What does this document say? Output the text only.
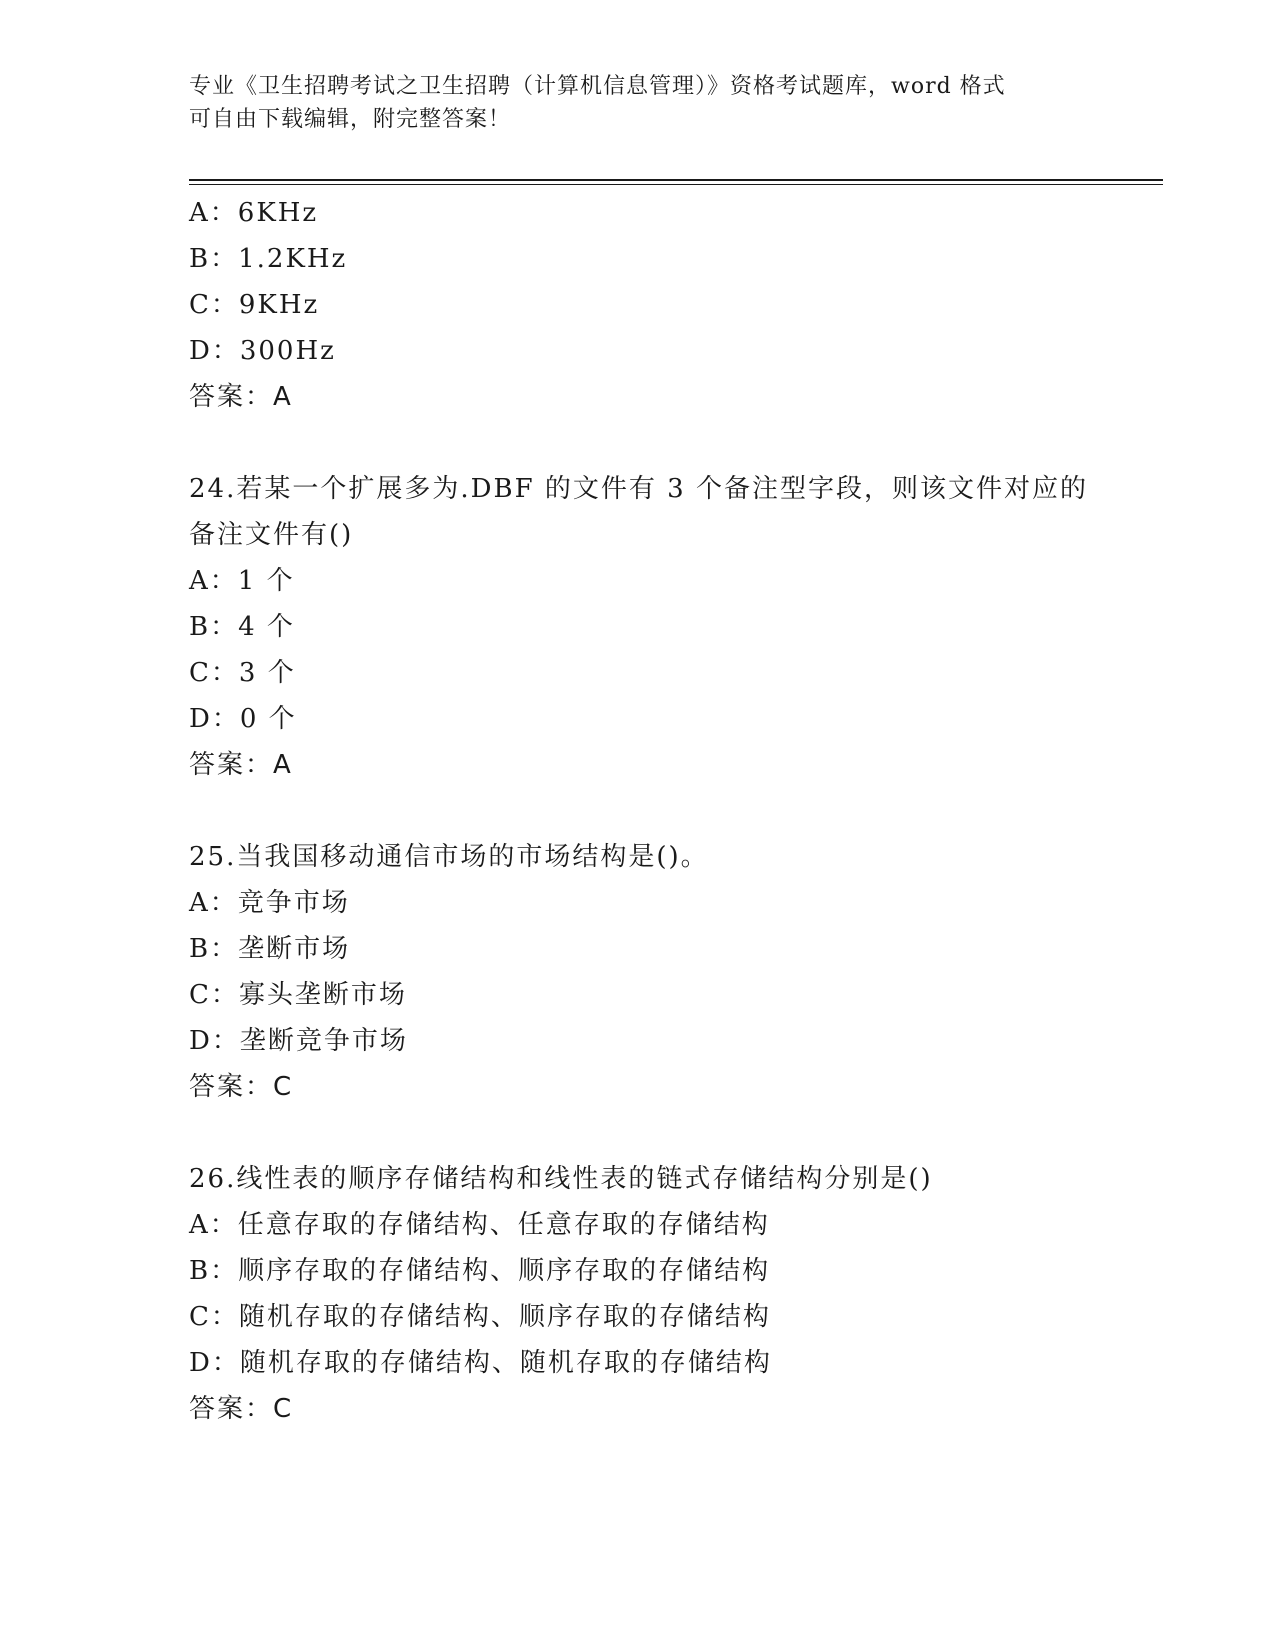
专业《卫生招聘考试之卫生招聘（计算机信息管理）》资格考试题库，word 格式
可自由下载编辑，附完整答案！
A：6KHz
B：1.2KHz
C：9KHz
D：300Hz
答案：A
24.若某一个扩展多为.DBF 的文件有 3 个备注型字段，则该文件对应的
备注文件有()
A：1 个
B：4 个
C：3 个
D：0 个
答案：A
25.当我国移动通信市场的市场结构是()。
A：竞争市场
B：垄断市场
C：寡头垄断市场
D：垄断竞争市场
答案：C
26.线性表的顺序存储结构和线性表的链式存储结构分别是()
A：任意存取的存储结构、任意存取的存储结构
B：顺序存取的存储结构、顺序存取的存储结构
C：随机存取的存储结构、顺序存取的存储结构
D：随机存取的存储结构、随机存取的存储结构
答案：C
